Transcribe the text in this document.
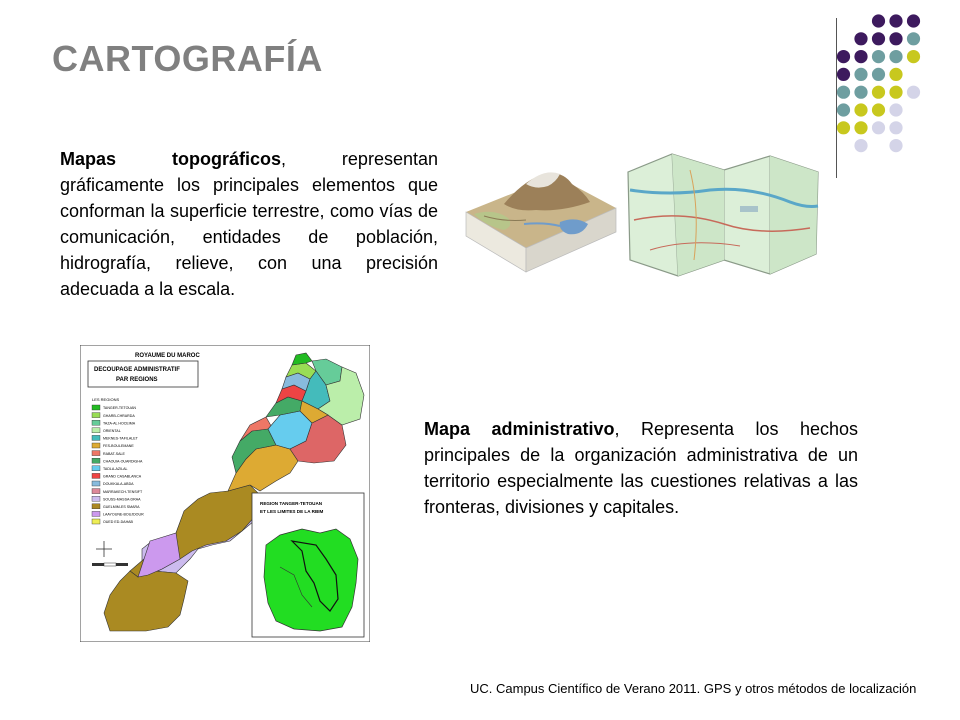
CARTOGRAFÍA

Mapas topográficos, representan gráficamente los principales elementos que conforman la superficie terrestre, como vías de comunicación, entidades de población, hidrografía, relieve, con una precisión adecuada a la escala.

ROYAUME DU MAROC
DECOUPAGE ADMINISTRATIF
PAR REGIONS
LES REGIONS
TANGER-TETOUAN
GHARB-CHRARDA
TAZA-AL HOCEIMA
ORIENTAL
MEKNES-TAFILALET
FES-BOULEMANE
RABAT-SALE
CHAOUIA-OUARDIGHA
TADLA-AZILAL
GRAND CASABLANCA
DOUKKALA-ABDA
MARRAKECH-TENSIFT
SOUSS-MASSA-DRAA
GUELMIM-ES SMARA
LAAYOUNE-BOUJDOUR
OUED ED-DAHAB
REGION TANGER-TETOUAN
ET LES LIMITES DE LA RBIM

Mapa administrativo, Representa los hechos principales de la organización administrativa de un territorio especialmente las cuestiones relativas a las fronteras, divisiones y capitales.

UC. Campus Científico de Verano 2011. GPS y otros métodos de localización
